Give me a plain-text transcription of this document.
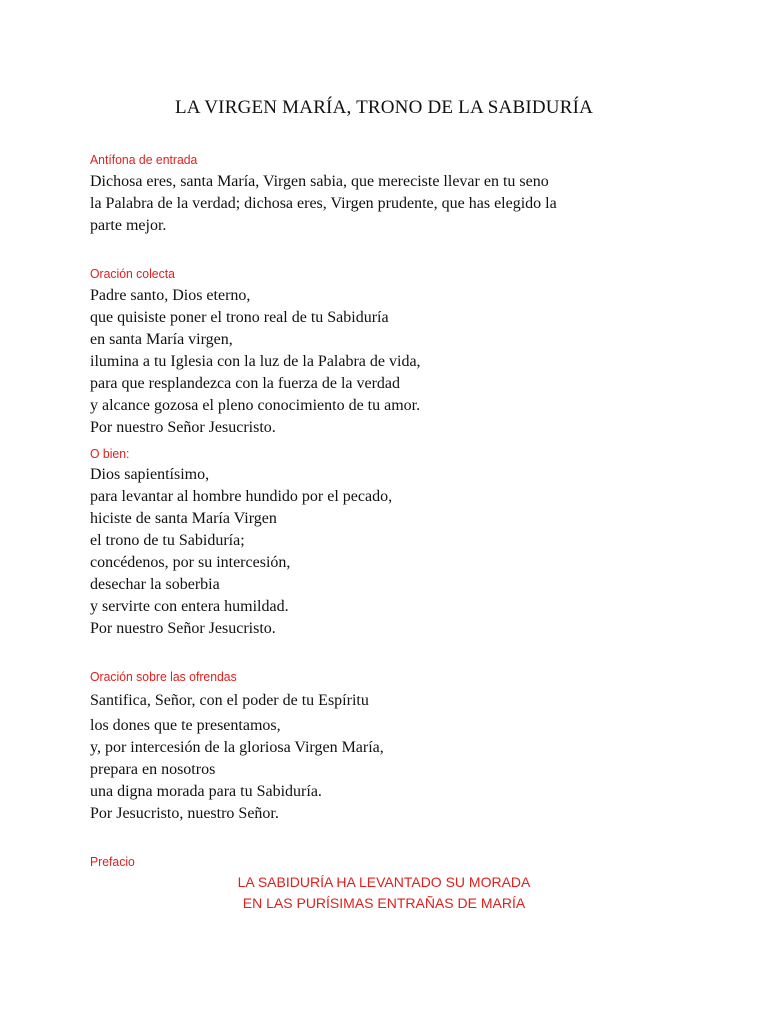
LA VIRGEN MARÍA, TRONO DE LA SABIDURÍA
Antífona de entrada
Dichosa eres, santa María, Virgen sabia, que mereciste llevar en tu seno
la Palabra de la verdad; dichosa eres, Virgen prudente, que has elegido la
parte mejor.
Oración colecta
Padre santo, Dios eterno,
que quisiste poner el trono real de tu Sabiduría
en santa María virgen,
ilumina a tu Iglesia con la luz de la Palabra de vida,
para que resplandezca con la fuerza de la verdad
y alcance gozosa el pleno conocimiento de tu amor.
Por nuestro Señor Jesucristo.
O bien:
Dios sapientísimo,
para levantar al hombre hundido por el pecado,
hiciste de santa María Virgen
el trono de tu Sabiduría;
concédenos, por su intercesión,
desechar la soberbia
y servirte con entera humildad.
Por nuestro Señor Jesucristo.
Oración sobre las ofrendas
Santifica, Señor, con el poder de tu Espíritu
los dones que te presentamos,
y, por intercesión de la gloriosa Virgen María,
prepara en nosotros
una digna morada para tu Sabiduría.
Por Jesucristo, nuestro Señor.
Prefacio
LA SABIDURÍA HA LEVANTADO SU MORADA
EN LAS PURÍSIMAS ENTRAÑAS DE MARÍA
